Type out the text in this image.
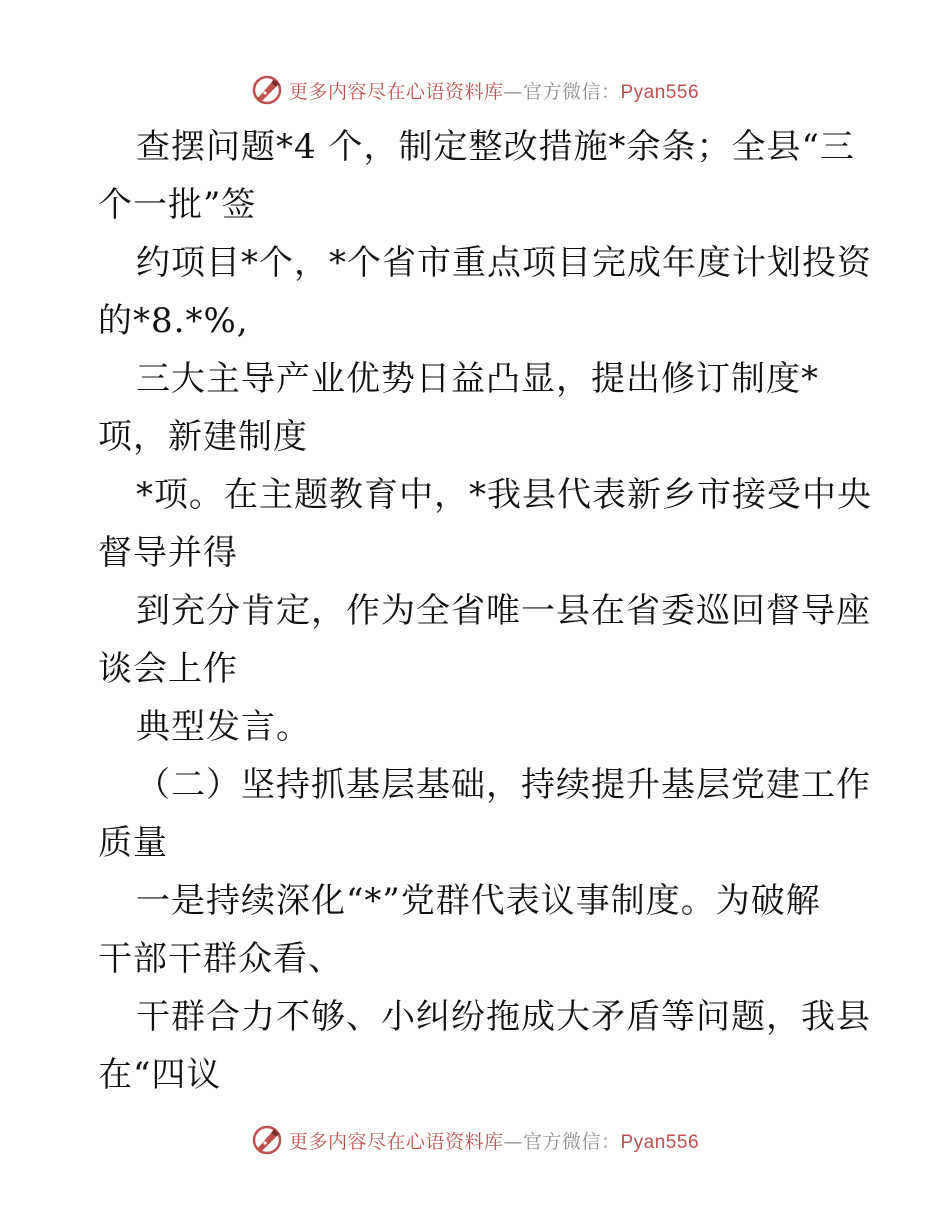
更多内容尽在心语资料库—官方微信：Pyan556
查摆问题*4 个，制定整改措施*余条；全县“三
个一批”签
约项目*个，*个省市重点项目完成年度计划投资
的*8.*%,
三大主导产业优势日益凸显，提出修订制度*
项，新建制度
*项。在主题教育中，*我县代表新乡市接受中央
督导并得
到充分肯定，作为全省唯一县在省委巡回督导座
谈会上作
典型发言。
（二）坚持抓基层基础，持续提升基层党建工作
质量
一是持续深化“*”党群代表议事制度。为破解
干部干群众看、
干群合力不够、小纠纷拖成大矛盾等问题，我县
在“四议
更多内容尽在心语资料库—官方微信：Pyan556
